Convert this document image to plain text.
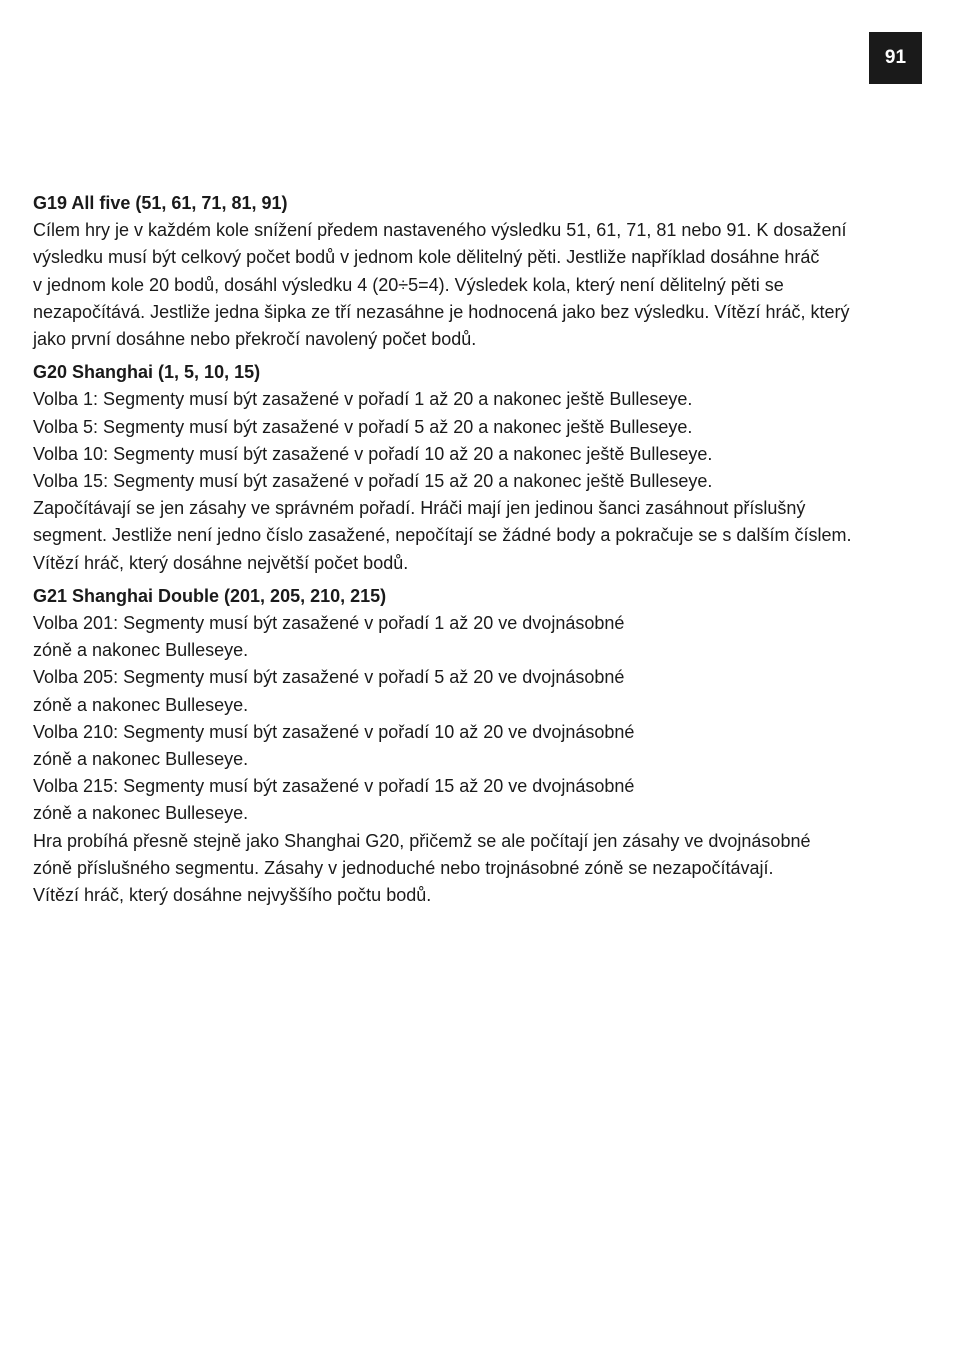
91
G19 All five (51, 61, 71, 81, 91)

Cílem hry je v každém kole snížení předem nastaveného výsledku 51, 61, 71, 81 nebo 91. K dosažení
výsledku musí být celkový počet bodů v jednom kole dělitelný pěti. Jestliže například dosáhne hráč
v jednom kole 20 bodů, dosáhl výsledku 4 (20÷5=4). Výsledek kola, který není dělitelný pěti se
nezapočítává. Jestliže jedna šipka ze tří nezasáhne je hodnocená jako bez výsledku. Vítězí hráč, který
jako první dosáhne nebo překročí navolený počet bodů.

G20 Shanghai (1, 5, 10, 15)

Volba 1: Segmenty musí být zasažené v pořadí 1 až 20 a nakonec ještě Bulleseye.
Volba 5: Segmenty musí být zasažené v pořadí 5 až 20 a nakonec ještě Bulleseye.
Volba 10: Segmenty musí být zasažené v pořadí 10 až 20 a nakonec ještě Bulleseye.
Volba 15: Segmenty musí být zasažené v pořadí 15 až 20 a nakonec ještě Bulleseye.
Započítávají se jen zásahy ve správném pořadí. Hráči mají jen jedinou šanci zasáhnout příslušný
segment. Jestliže není jedno číslo zasažené, nepočítají se žádné body a pokračuje se s dalším číslem.
Vítězí hráč, který dosáhne největší počet bodů.

G21 Shanghai Double (201, 205, 210, 215)

Volba 201: Segmenty musí být zasažené v pořadí 1 až 20 ve dvojnásobné
zóně a nakonec Bulleseye.
Volba 205: Segmenty musí být zasažené v pořadí 5 až 20 ve dvojnásobné
zóně a nakonec Bulleseye.
Volba 210: Segmenty musí být zasažené v pořadí 10 až 20 ve dvojnásobné
zóně a nakonec Bulleseye.
Volba 215: Segmenty musí být zasažené v pořadí 15 až 20 ve dvojnásobné
zóně a nakonec Bulleseye.
Hra probíhá přesně stejně jako Shanghai G20, přičemž se ale počítají jen zásahy ve dvojnásobné
zóně příslušného segmentu. Zásahy v jednoduché nebo trojnásobné zóně se nezapočítávají.
Vítězí hráč, který dosáhne nejvyššího počtu bodů.
